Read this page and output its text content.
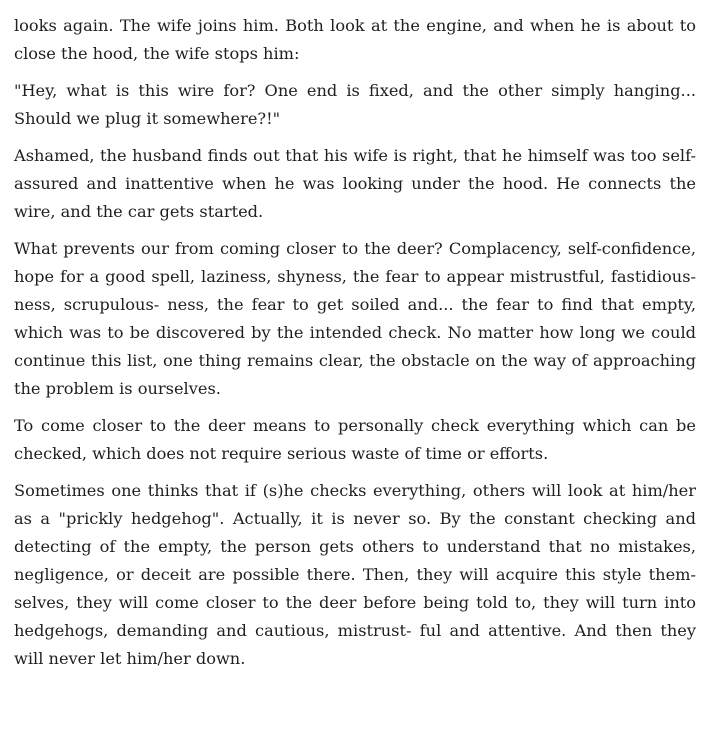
looks again. The wife joins him. Both look at the engine, and when he is about to close the hood, the wife stops him:

"Hey, what is this wire for? One end is fixed, and the other simply hanging... Should we plug it somewhere?!"

Ashamed, the husband finds out that his wife is right, that he himself was too self-assured and inattentive when he was looking under the hood. He connects the wire, and the car gets started.

What prevents our from coming closer to the deer? Complacency, self-confidence, hope for a good spell, laziness, shyness, the fear to appear mistrustful, fastidious-ness, scrupulous- ness, the fear to get soiled and... the fear to find that empty, which was to be discovered by the intended check. No matter how long we could continue this list, one thing remains clear, the obstacle on the way of approaching the problem is ourselves.

To come closer to the deer means to personally check everything which can be checked, which does not require serious waste of time or efforts.

Sometimes one thinks that if (s)he checks everything, others will look at him/her as a "prickly hedgehog". Actually, it is never so. By the constant checking and detecting of the empty, the person gets others to understand that no mistakes, negligence, or deceit are possible there. Then, they will acquire this style them-selves, they will come closer to the deer before being told to, they will turn into hedgehogs, demanding and cautious, mistrust- ful and attentive. And then they will never let him/her down.
